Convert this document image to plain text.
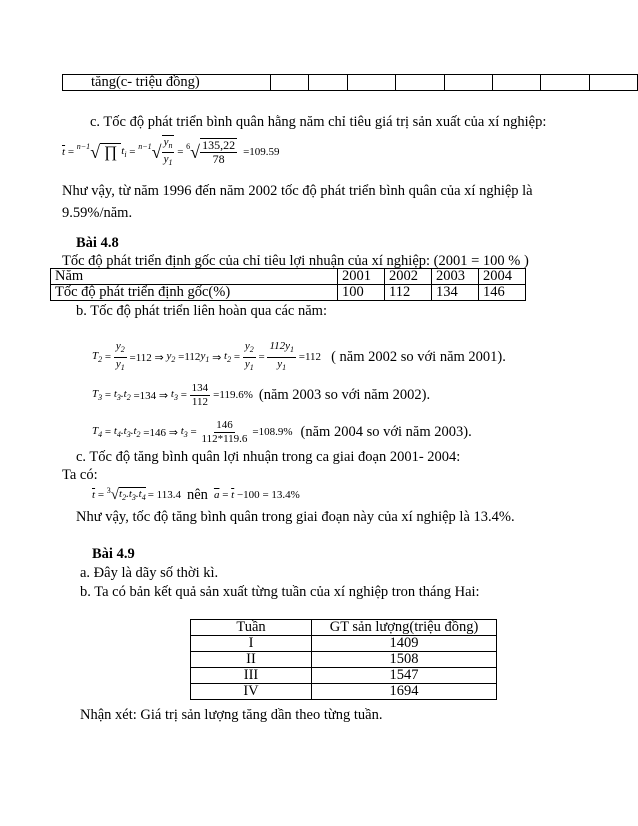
tăng(c- triệu đồng)								
c. Tốc độ phát triển bình quân hằng năm chỉ tiêu giá trị sản xuất của xí nghiệp:
$\overline{t} = n-1$ √ ∏ $t_i = n-1$ √ $\frac{y_n}{y_1} = 6$ √ $\frac{135,22}{78} =109.59$
Như vậy, từ năm 1996 đến năm 2002 tốc độ phát triển bình quân của xí nghiệp là 9.59%/năm.
Bài 4.8
Tốc độ phát triển định gốc của chỉ tiêu lợi nhuận của xí nghiệp: (2001 = 100 % )
Năm	2001	2002	2003	2004
Tốc độ phát triển định gốc(%)	100	112	134	146
b. Tốc độ phát triển liên hoàn qua các năm:
$T_2 = \frac{y_2}{y_1} =112$ ⇒ $y_2 =112$ $y_1$ ⇒ $t_2 = \frac{y_2}{y_1} = \frac{112y_1}{y_1} =112$ ( năm 2002 so với năm 2001).
$T_3 = t_3.t_2 =134$ ⇒ $t_3 = \frac{134}{112} =119.6\%$ (năm 2003 so với năm 2002).
$T_4 = t_4.t_3.t_2 =146$ ⇒ $t_3 = \frac{146}{112*119.6} =108.9\%$ (năm 2004 so với năm 2003).
c. Tốc độ tăng bình quân lợi nhuận trong ca giai đoạn 2001- 2004:
Ta có:
$\overline{t} = 3$ √ $t_2.t_3.t_4 = 113.4$ nên $\overline{a} = \overline{t} -100 = 13.4\%$
Như vậy, tốc độ tăng bình quân trong giai đoạn này của xí nghiệp là 13.4%.
Bài 4.9
a. Đây là dãy số thời kì.
b. Ta có bản kết quả sản xuất từng tuần của xí nghiệp tron tháng Hai:
Tuần	GT sản lượng(triệu đồng)
I	1409
II	1508
III	1547
IV	1694
Nhận xét: Giá trị sản lượng tăng dần theo từng tuần.
